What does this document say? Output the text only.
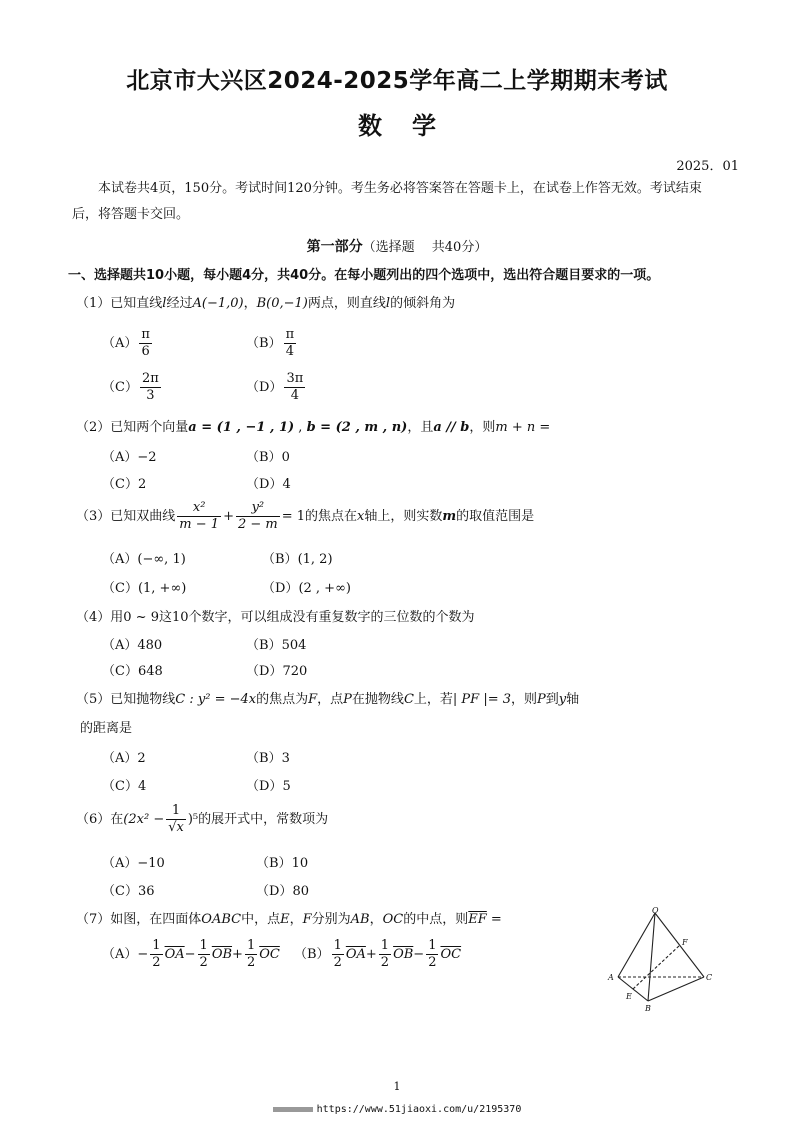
北京市大兴区2024-2025学年高二上学期期末考试
数学
2025．01
  本试卷共4页，150分。考试时间120分钟。考生务必将答案答在答题卡上，在试卷上作答无效。考试结束后，将答题卡交回。
第一部分（选择题　 共40分）
一、选择题共10小题，每小题4分，共40分。在每小题列出的四个选项中，选出符合题目要求的一项。
（1）已知直线l经过A(−1,0)，B(0,−1)两点，则直线l的倾斜角为
$(A) \frac{\pi}{6}$	$(B) \frac{\pi}{4}$
$(C) \frac{2\pi}{3}$	$(D) \frac{3\pi}{4}$
（2）已知两个向量a = (1 , −1 , 1) , b = (2 , m , n)，且a // b，则m + n =
（A）−2	（B）0
（C）2	（D）4
（3）已知双曲线 $\frac{\text{x²}}{m - 1} + \frac{\text{y²}}{2 - m} = 1$的焦点在x轴上，则实数m的取值范围是
（A）(−∞, 1)	（B）(1, 2)
（C）(1, +∞)	（D）(2 , +∞)
（4）用0 ~ 9这10个数字，可以组成没有重复数字的三位数的个数为
（A）480	（B）504
（C）648	（D）720
（5）已知抛物线C : y² = −4x的焦点为F，点P在抛物线C上，若| PF |= 3，则P到y轴
的距离是
（A）2	（B）3
（C）4	（D）5
（6）在$(2x^2 - \frac{1}{√x} )^5$的展开式中，常数项为
（A）−10	（B）10
（C）36	（D）80
（7）如图，在四面体OABC中，点E，F分别为AB，OC的中点，则$\overline{EF}$ =
$(A)- \frac{1}{2} \overline{OA}- \frac{1}{2} \overline{OB}+ \frac{1}{2} \overline{OC}$ $(B) \frac{1}{2} \overline{OA}+ \frac{1}{2} \overline{OB}- \frac{1}{2} \overline{OC}$
O
A
B
C
E
F
1
https://www.51jiaoxi.com/u/2195370
